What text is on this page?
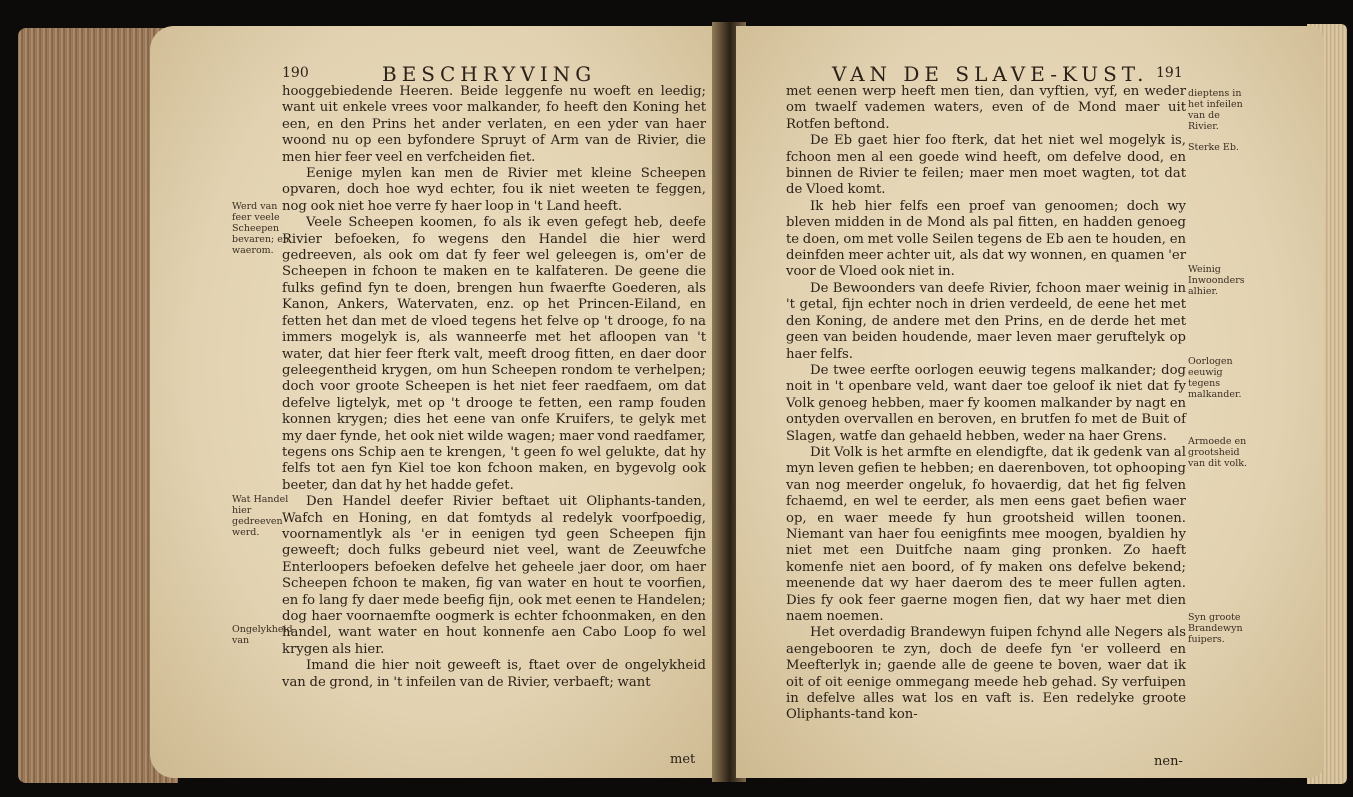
190	BESCHRYVING

hooggebiedende Heeren. Beide leggenfe nu woeft en leedig; want uit enkele vrees voor malkander, fo heeft den Koning het een, en den Prins het ander verlaten, en een yder van haer woond nu op een byfondere Spruyt of Arm van de Rivier, die men hier feer veel en verfcheiden fiet.

Eenige mylen kan men de Rivier met kleine Scheepen opvaren, doch hoe wyd echter, fou ik niet weeten te feggen, nog ook niet hoe verre fy haer loop in 't Land heeft.

Veele Scheepen koomen, fo als ik even gefegt heb, deefe Rivier befoeken, fo wegens den Handel die hier werd gedreeven, als ook om dat fy feer wel geleegen is, om'er de Scheepen in fchoon te maken en te kalfateren. De geene die fulks gefind fyn te doen, brengen hun fwaerfte Goederen, als Kanon, Ankers, Watervaten, enz. op het Princen-Eiland, en fetten het dan met de vloed tegens het felve op 't drooge, fo na immers mogelyk is, als wanneerfe met het afloopen van 't water, dat hier feer fterk valt, meeft droog fitten, en daer door geleegentheid krygen, om hun Scheepen rondom te verhelpen; doch voor groote Scheepen is het niet feer raedfaem, om dat defelve ligtelyk, met op 't drooge te fetten, een ramp fouden konnen krygen; dies het eene van onfe Kruifers, te gelyk met my daer fynde, het ook niet wilde wagen; maer vond raedfamer, tegens ons Schip aen te krengen, 't geen fo wel gelukte, dat hy felfs tot aen fyn Kiel toe kon fchoon maken, en bygevolg ook beeter, dan dat hy het hadde gefet.

Den Handel deefer Rivier beftaet uit Oliphants-tanden, Wafch en Honing, en dat fomtyds al redelyk voorfpoedig, voornamentlyk als 'er in eenigen tyd geen Scheepen fijn geweeft; doch fulks gebeurd niet veel, want de Zeeuwfche Enterloopers befoeken defelve het geheele jaer door, om haer Scheepen fchoon te maken, fig van water en hout te voorfien, en fo lang fy daer mede beefig fijn, ook met eenen te Handelen; dog haer voornaemfte oogmerk is echter fchoonmaken, en den handel, want water en hout konnenfe aen Cabo Loop fo wel krygen als hier.

Imand die hier noit geweeft is, ftaet over de ongelykheid van de grond, in 't infeilen van de Rivier, verbaeft; want

met
Werd van feer veele Scheepen bevaren; en waerom.
Wat Handel hier gedreeven werd.
Ongelykheid van
VAN DE SLAVE-KUST. 191

met eenen werp heeft men tien, dan vyftien, vyf, en weder om twaelf vademen waters, even of de Mond maer uit Rotfen beftond.

De Eb gaet hier foo fterk, dat het niet wel mogelyk is, fchoon men al een goede wind heeft, om defelve dood, en binnen de Rivier te feilen; maer men moet wagten, tot dat de Vloed komt.

Ik heb hier felfs een proef van genoomen; doch wy bleven midden in de Mond als pal fitten, en hadden genoeg te doen, om met volle Seilen tegens de Eb aen te houden, en deinfden meer achter uit, als dat wy wonnen, en quamen 'er voor de Vloed ook niet in.

De Bewoonders van deefe Rivier, fchoon maer weinig in 't getal, fijn echter noch in drien verdeeld, de eene het met den Koning, de andere met den Prins, en de derde het met geen van beiden houdende, maer leven maer geruftelyk op haer felfs.

De twee eerfte oorlogen eeuwig tegens malkander; dog noit in 't openbare veld, want daer toe geloof ik niet dat fy Volk genoeg hebben, maer fy koomen malkander by nagt en ontyden overvallen en beroven, en brutfen fo met de Buit of Slagen, watfe dan gehaeld hebben, weder na haer Grens.

Dit Volk is het armfte en elendigfte, dat ik gedenk van al myn leven gefien te hebben; en daerenboven, tot ophooping van nog meerder ongeluk, fo hovaerdig, dat het fig felven fchaemd, en wel te eerder, als men eens gaet befien waer op, en waer meede fy hun grootsheid willen toonen. Niemant van haer fou eenigfints mee moogen, byaldien hy niet met een Duitfche naam ging pronken. Zo haeft komenfe niet aen boord, of fy maken ons defelve bekend; meenende dat wy haer daerom des te meer fullen agten. Dies fy ook feer gaerne mogen fien, dat wy haer met dien naem noemen.

Het overdadig Brandewyn fuipen fchynd alle Negers als aengebooren te zyn, doch de deefe fyn 'er volleerd en Meefterlyk in; gaende alle de geene te boven, waer dat ik oit of oit eenige ommegang meede heb gehad. Sy verfuipen in defelve alles wat los en vaft is. Een redelyke groote Oliphants-tand kon-

nen-
dieptens in het infeilen van de Rivier.
Sterke Eb.
Weinig Inwoonders alhier.
Oorlogen eeuwig tegens malkander.
Armoede en grootsheid van dit volk.
Syn groote Brandewyn fuipers.
